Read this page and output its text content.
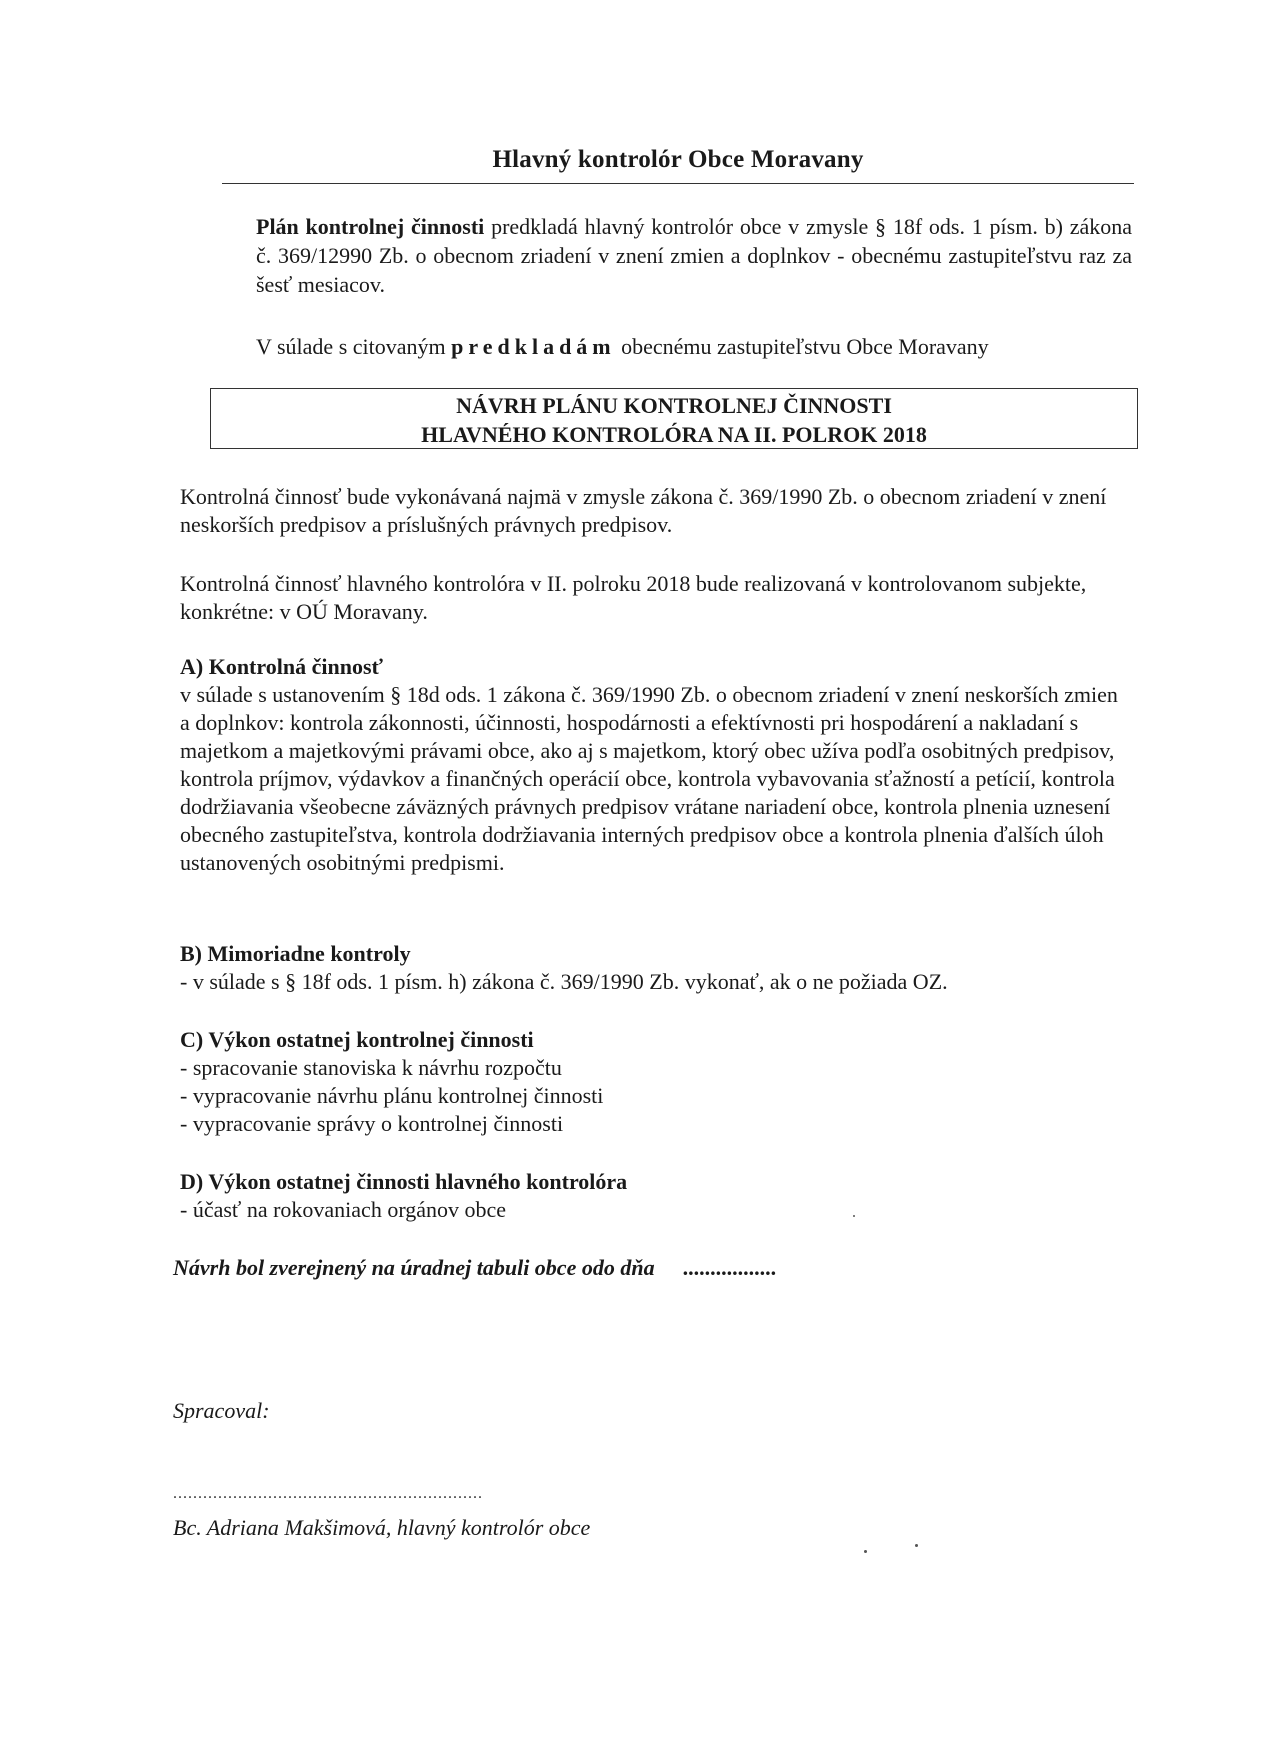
Hlavný kontrolór Obce Moravany
Plán kontrolnej činnosti predkladá hlavný kontrolór obce v zmysle § 18f ods. 1 písm. b) zákona č. 369/12990 Zb. o obecnom zriadení v znení zmien a doplnkov - obecnému zastupiteľstvu raz za šesť mesiacov.
V súlade s citovaným predkladám obecnému zastupiteľstvu Obce Moravany
NÁVRH PLÁNU KONTROLNEJ ČINNOSTI
HLAVNÉHO KONTROLÓRA NA II. POLROK 2018
Kontrolná činnosť bude vykonávaná najmä v zmysle zákona č. 369/1990 Zb. o obecnom zriadení v znení neskorších predpisov a príslušných právnych predpisov.
Kontrolná činnosť hlavného kontrolóra v II. polroku 2018 bude realizovaná v kontrolovanom subjekte, konkrétne: v OÚ Moravany.
A) Kontrolná činnosť
v súlade s ustanovením § 18d ods. 1 zákona č. 369/1990 Zb. o obecnom zriadení v znení neskorších zmien a doplnkov: kontrola zákonnosti, účinnosti, hospodárnosti a efektívnosti pri hospodárení a nakladaní s majetkom a majetkovými právami obce, ako aj s majetkom, ktorý obec užíva podľa osobitných predpisov, kontrola príjmov, výdavkov a finančných operácií obce, kontrola vybavovania sťažností a petícií, kontrola dodržiavania všeobecne záväzných právnych predpisov vrátane nariadení obce, kontrola plnenia uznesení obecného zastupiteľstva, kontrola dodržiavania interných predpisov obce a kontrola plnenia ďalších úloh ustanovených osobitnými predpismi.
B) Mimoriadne kontroly
- v súlade s § 18f ods. 1 písm. h) zákona č. 369/1990 Zb. vykonať, ak o ne požiada OZ.
C) Výkon ostatnej kontrolnej činnosti
- spracovanie stanoviska k návrhu rozpočtu
- vypracovanie návrhu plánu kontrolnej činnosti
- vypracovanie správy o kontrolnej činnosti
D) Výkon ostatnej činnosti hlavného kontrolóra
- účasť na rokovaniach orgánov obce
Návrh bol zverejnený na úradnej tabuli obce odo dňa .................
Spracoval:
..............................................................
Bc. Adriana Makšimová, hlavný kontrolór obce
